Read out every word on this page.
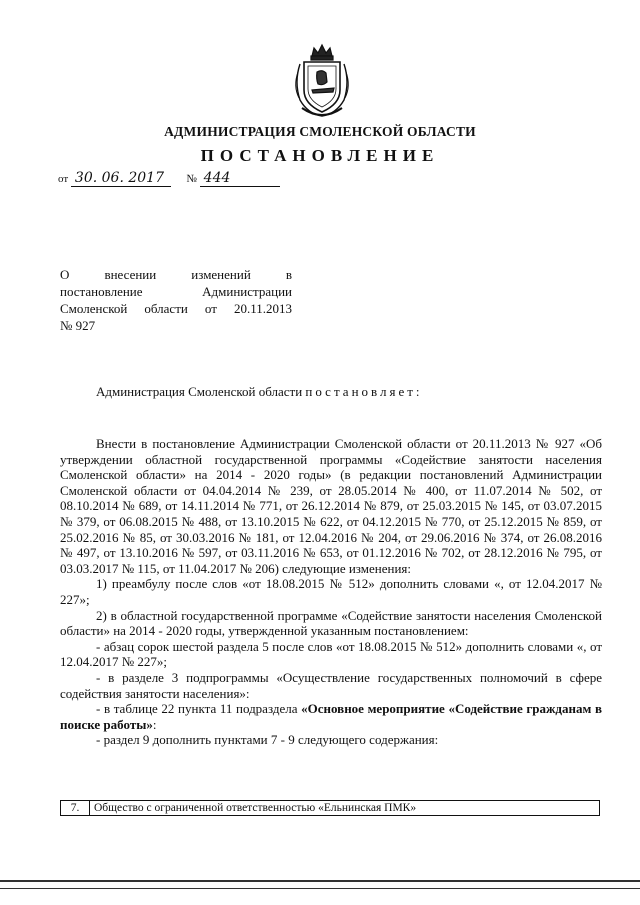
АДМИНИСТРАЦИЯ СМОЛЕНСКОЙ ОБЛАСТИ
ПОСТАНОВЛЕНИЕ
от 30. 06. 2017 № 444
О внесении изменений в
постановление Администрации
Смоленской области от 20.11.2013
№ 927
Администрация Смоленской области постановляет:

Внести в постановление Администрации Смоленской области от 20.11.2013 № 927 «Об утверждении областной государственной программы «Содействие занятости населения Смоленской области» на 2014 - 2020 годы» (в редакции постановлений Администрации Смоленской области от 04.04.2014 № 239, от 28.05.2014 № 400, от 11.07.2014 № 502, от 08.10.2014 № 689, от 14.11.2014 № 771, от 26.12.2014 № 879, от 25.03.2015 № 145, от 03.07.2015 № 379, от 06.08.2015 № 488, от 13.10.2015 № 622, от 04.12.2015 № 770, от 25.12.2015 № 859, от 25.02.2016 № 85, от 30.03.2016 № 181, от 12.04.2016 № 204, от 29.06.2016 № 374, от 26.08.2016 № 497, от 13.10.2016 № 597, от 03.11.2016 № 653, от 01.12.2016 № 702, от 28.12.2016 № 795, от 03.03.2017 № 115, от 11.04.2017 № 206) следующие изменения:

1) преамбулу после слов «от 18.08.2015 № 512» дополнить словами «, от 12.04.2017 № 227»;

2) в областной государственной программе «Содействие занятости населения Смоленской области» на 2014 - 2020 годы, утвержденной указанным постановлением:

- абзац сорок шестой раздела 5 после слов «от 18.08.2015 № 512» дополнить словами «, от 12.04.2017 № 227»;

- в разделе 3 подпрограммы «Осуществление государственных полномочий в сфере содействия занятости населения»:

- в таблице 22 пункта 11 подраздела «Основное мероприятие «Содействие гражданам в поиске работы»:

- раздел 9 дополнить пунктами 7 - 9 следующего содержания:

7.	Общество с ограниченной ответственностью «Ельнинская ПМК»
